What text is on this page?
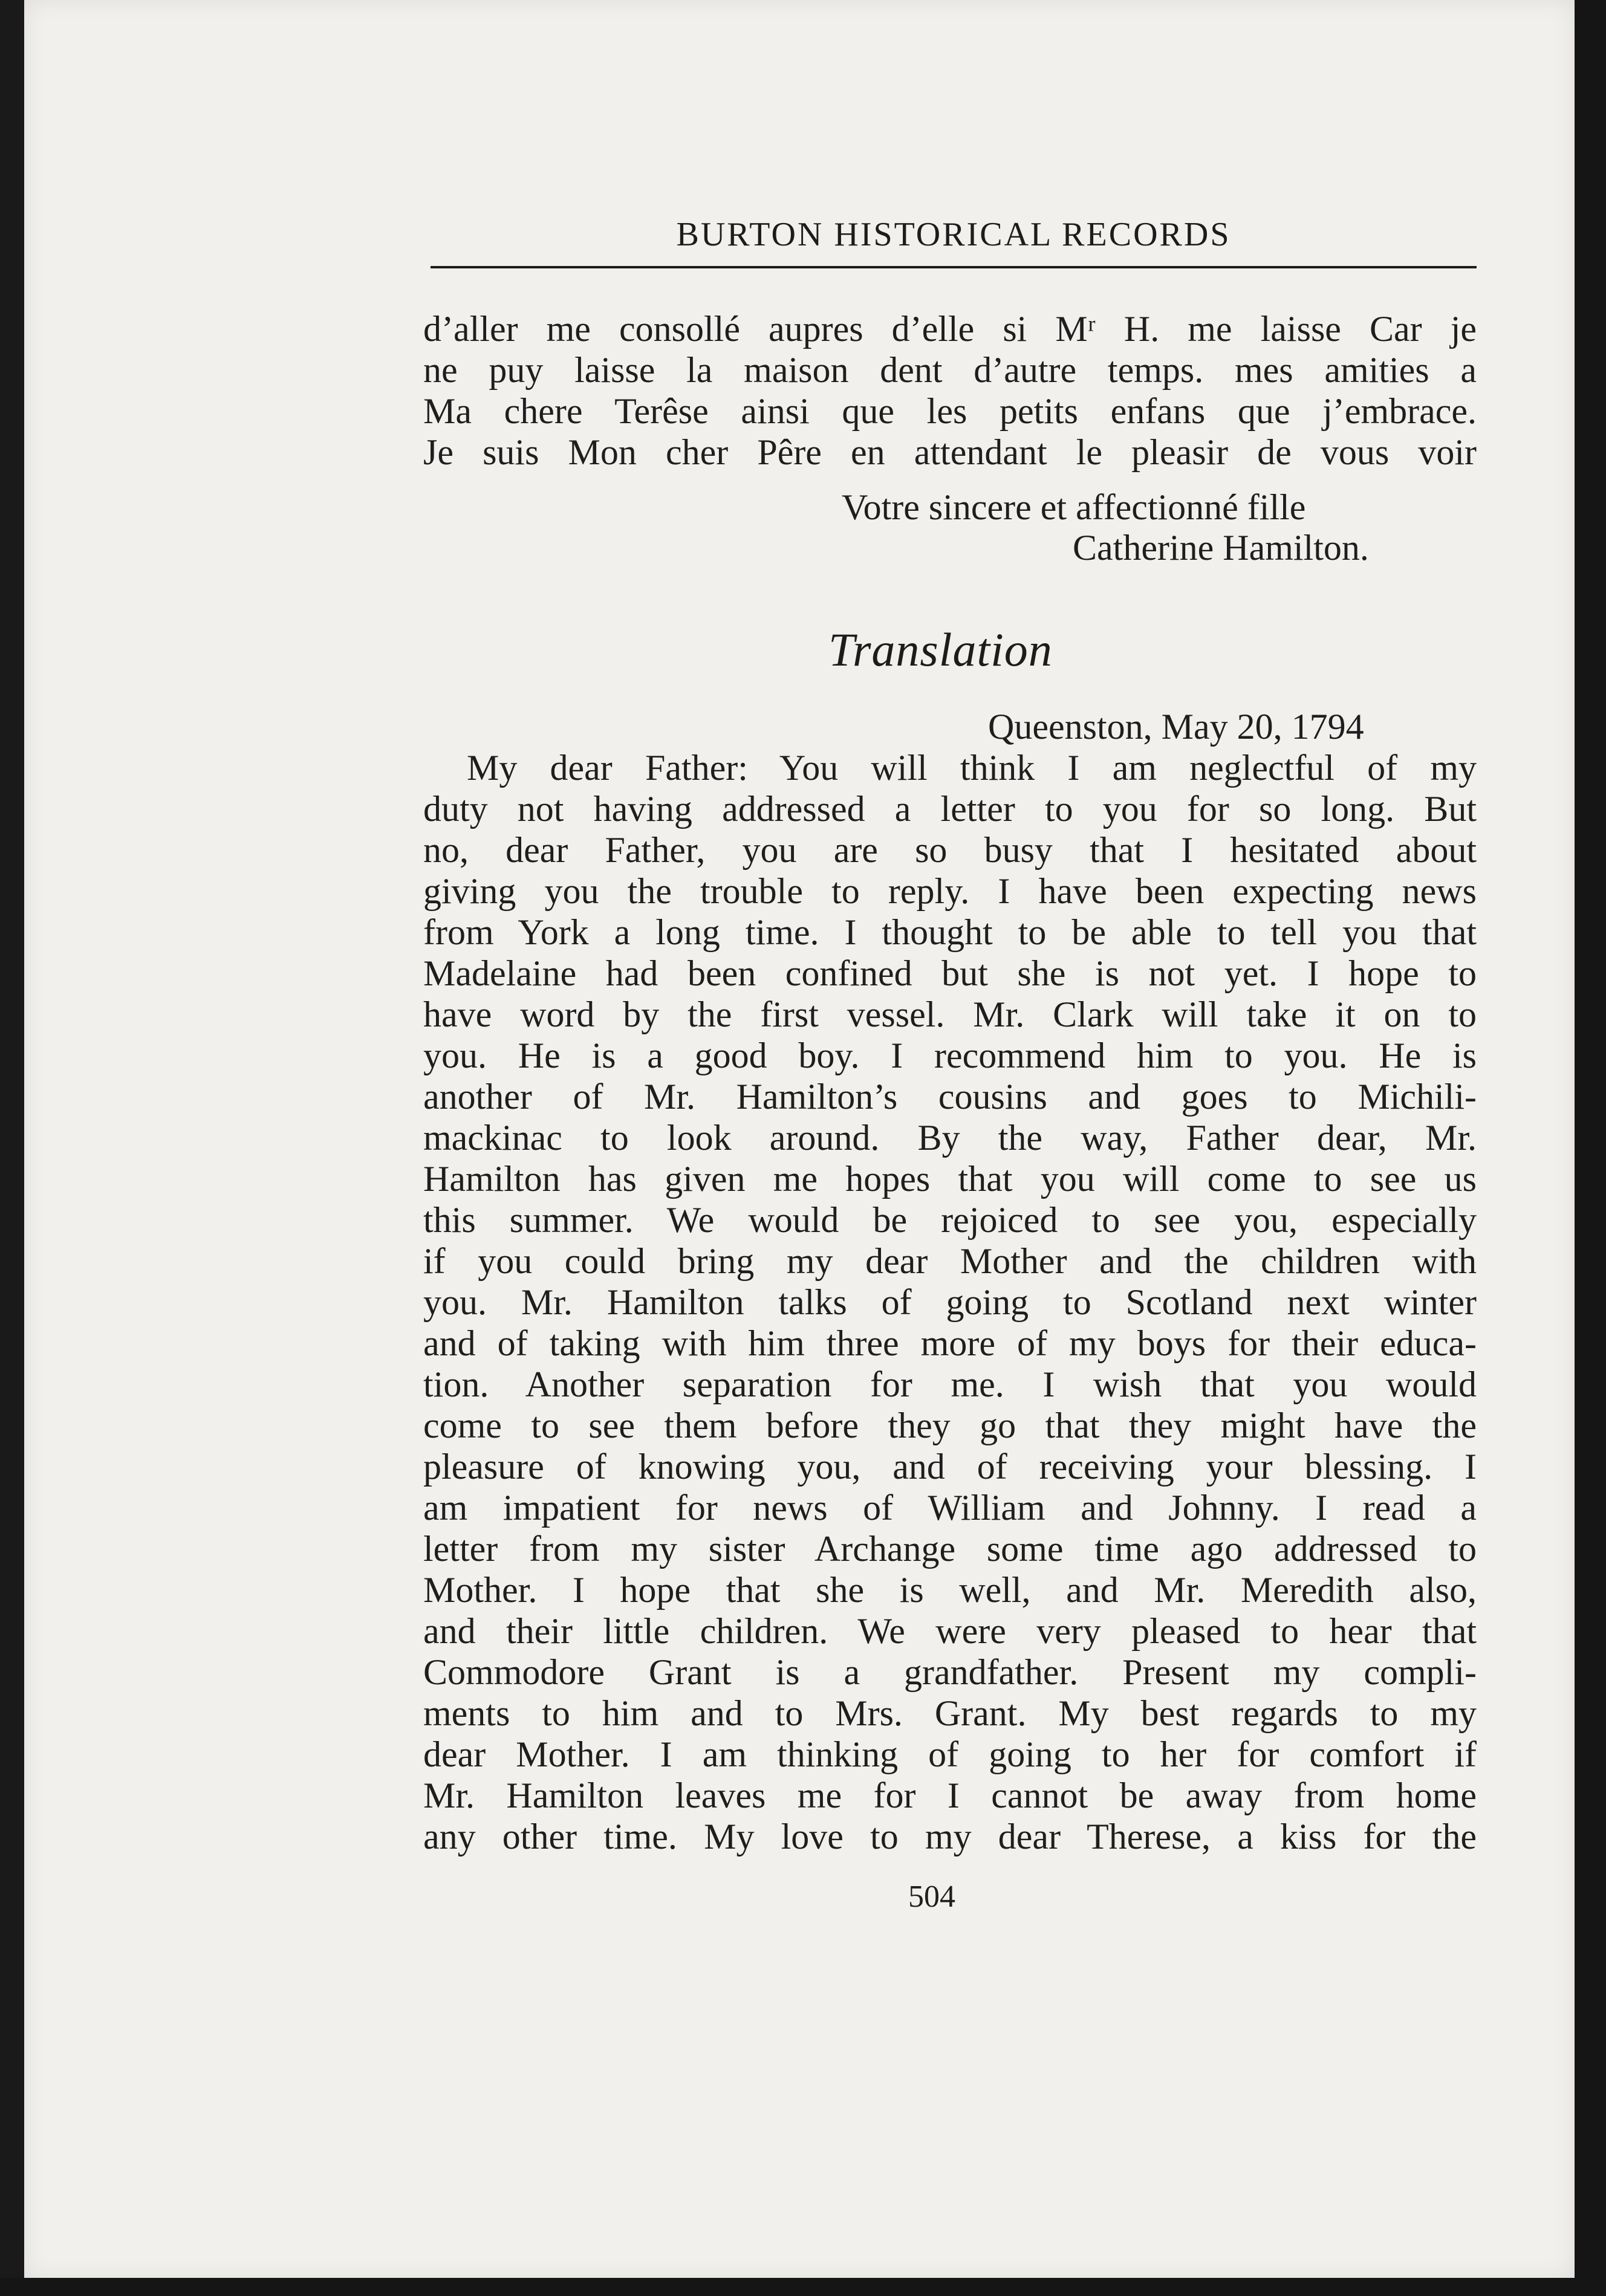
BURTON HISTORICAL RECORDS
d’aller me consollé aupres d’elle si Mʳ H. me laisse Car je
ne puy laisse la maison dent d’autre temps. mes amities a
Ma chere Terêse ainsi que les petits enfans que j’embrace.
Je suis Mon cher Pêre en attendant le pleasir de vous voir
Votre sincere et affectionné fille
Catherine Hamilton.
Translation
Queenston, May 20, 1794
My dear Father: You will think I am neglectful of my
duty not having addressed a letter to you for so long. But
no, dear Father, you are so busy that I hesitated about
giving you the trouble to reply. I have been expecting news
from York a long time. I thought to be able to tell you that
Madelaine had been confined but she is not yet. I hope to
have word by the first vessel. Mr. Clark will take it on to
you. He is a good boy. I recommend him to you. He is
another of Mr. Hamilton’s cousins and goes to Michili-
mackinac to look around. By the way, Father dear, Mr.
Hamilton has given me hopes that you will come to see us
this summer. We would be rejoiced to see you, especially
if you could bring my dear Mother and the children with
you. Mr. Hamilton talks of going to Scotland next winter
and of taking with him three more of my boys for their educa-
tion. Another separation for me. I wish that you would
come to see them before they go that they might have the
pleasure of knowing you, and of receiving your blessing. I
am impatient for news of William and Johnny. I read a
letter from my sister Archange some time ago addressed to
Mother. I hope that she is well, and Mr. Meredith also,
and their little children. We were very pleased to hear that
Commodore Grant is a grandfather. Present my compli-
ments to him and to Mrs. Grant. My best regards to my
dear Mother. I am thinking of going to her for comfort if
Mr. Hamilton leaves me for I cannot be away from home
any other time. My love to my dear Therese, a kiss for the
504
